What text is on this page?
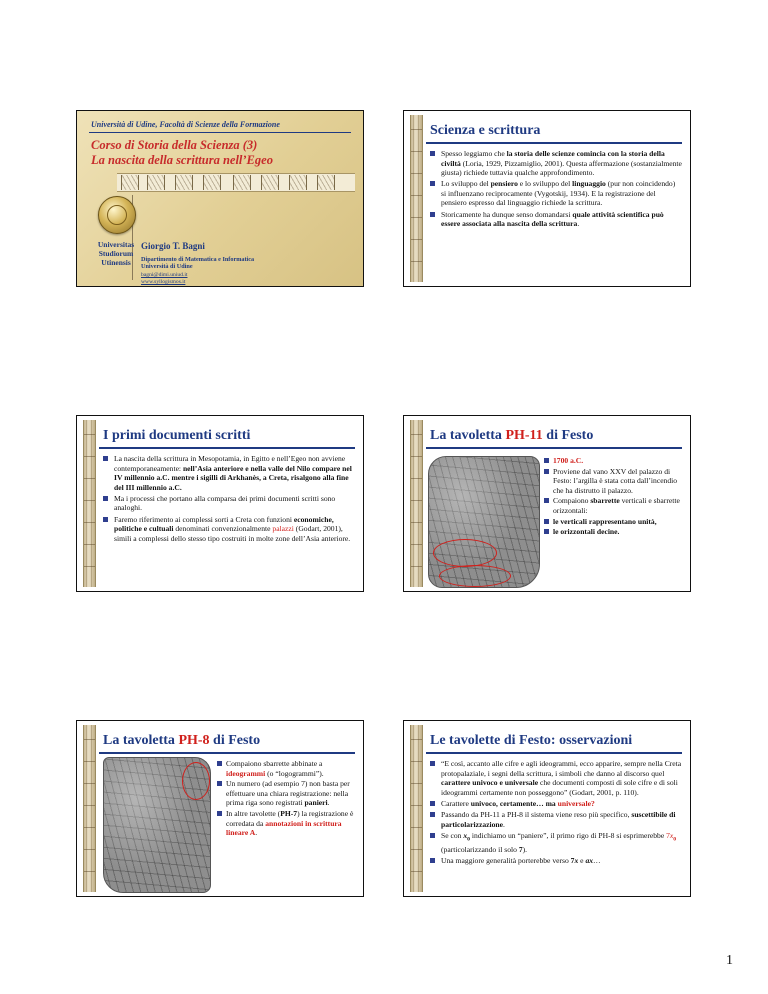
Università di Udine, Facoltà di Scienze della Formazione
Corso di Storia della Scienza (3)
La nascita della scrittura nell’Egeo
Universitas
Studiorum
Utinensis
Giorgio T. Bagni
Dipartimento di Matematica e Informatica
Università di Udine
bagni@dimi.uniud.it
www.syllogismos.it
Scienza e scrittura
Spesso leggiamo che la storia delle scienze comincia con la storia della civiltà (Loria, 1929, Pizzamiglio, 2001). Questa affermazione (sostanzialmente giusta) richiede tuttavia qualche approfondimento.
Lo sviluppo del pensiero e lo sviluppo del linguaggio (pur non coincidendo) si influenzano reciprocamente (Vygotskij, 1934). E la registrazione del pensiero espresso dal linguaggio richiede la scrittura.
Storicamente ha dunque senso domandarsi quale attività scientifica può essere associata alla nascita della scrittura.
I primi documenti scritti
La nascita della scrittura in Mesopotamia, in Egitto e nell’Egeo non avviene contemporaneamente: nell’Asia anteriore e nella valle del Nilo compare nel IV millennio a.C. mentre i sigilli di Arkhanès, a Creta, risalgono alla fine del III millennio a.C.
Ma i processi che portano alla comparsa dei primi documenti scritti sono analoghi.
Faremo riferimento ai complessi sorti a Creta con funzioni economiche, politiche e cultuali denominati convenzionalmente palazzi (Godart, 2001), simili a complessi dello stesso tipo costruiti in molte zone dell’Asia anteriore.
La tavoletta PH-11 di Festo
1700 a.C.
Proviene dal vano XXV del palazzo di Festo: l’argilla è stata cotta dall’incendio che ha distrutto il palazzo.
Compaiono sbarrette verticali e sbarrette orizzontali:
le verticali rappresentano unità,
le orizzontali decine.
La tavoletta PH-8 di Festo
Compaiono sbarrette abbinate a ideogrammi (o “logogrammi”).
Un numero (ad esempio 7) non basta per effettuare una chiara registrazione: nella prima riga sono registrati panieri.
In altre tavolette (PH-7) la registrazione è corredata da annotazioni in scrittura lineare A.
Le tavolette di Festo: osservazioni
“E così, accanto alle cifre e agli ideogrammi, ecco apparire, sempre nella Creta protopalaziale, i segni della scrittura, i simboli che danno al discorso quel carattere univoco e universale che documenti composti di sole cifre e di soli ideogrammi certamente non posseggono” (Godart, 2001, p. 110).
Carattere univoco, certamente… ma universale?
Passando da PH-11 a PH-8 il sistema viene reso più specifico, suscettibile di particolarizzazione.
Se con $x_0$ indichiamo un “paniere”, il primo rigo di PH-8 si esprimerebbe $7x_0$ (particolarizzando il solo 7).
Una maggiore generalità porterebbe verso 7x e ax…
1
